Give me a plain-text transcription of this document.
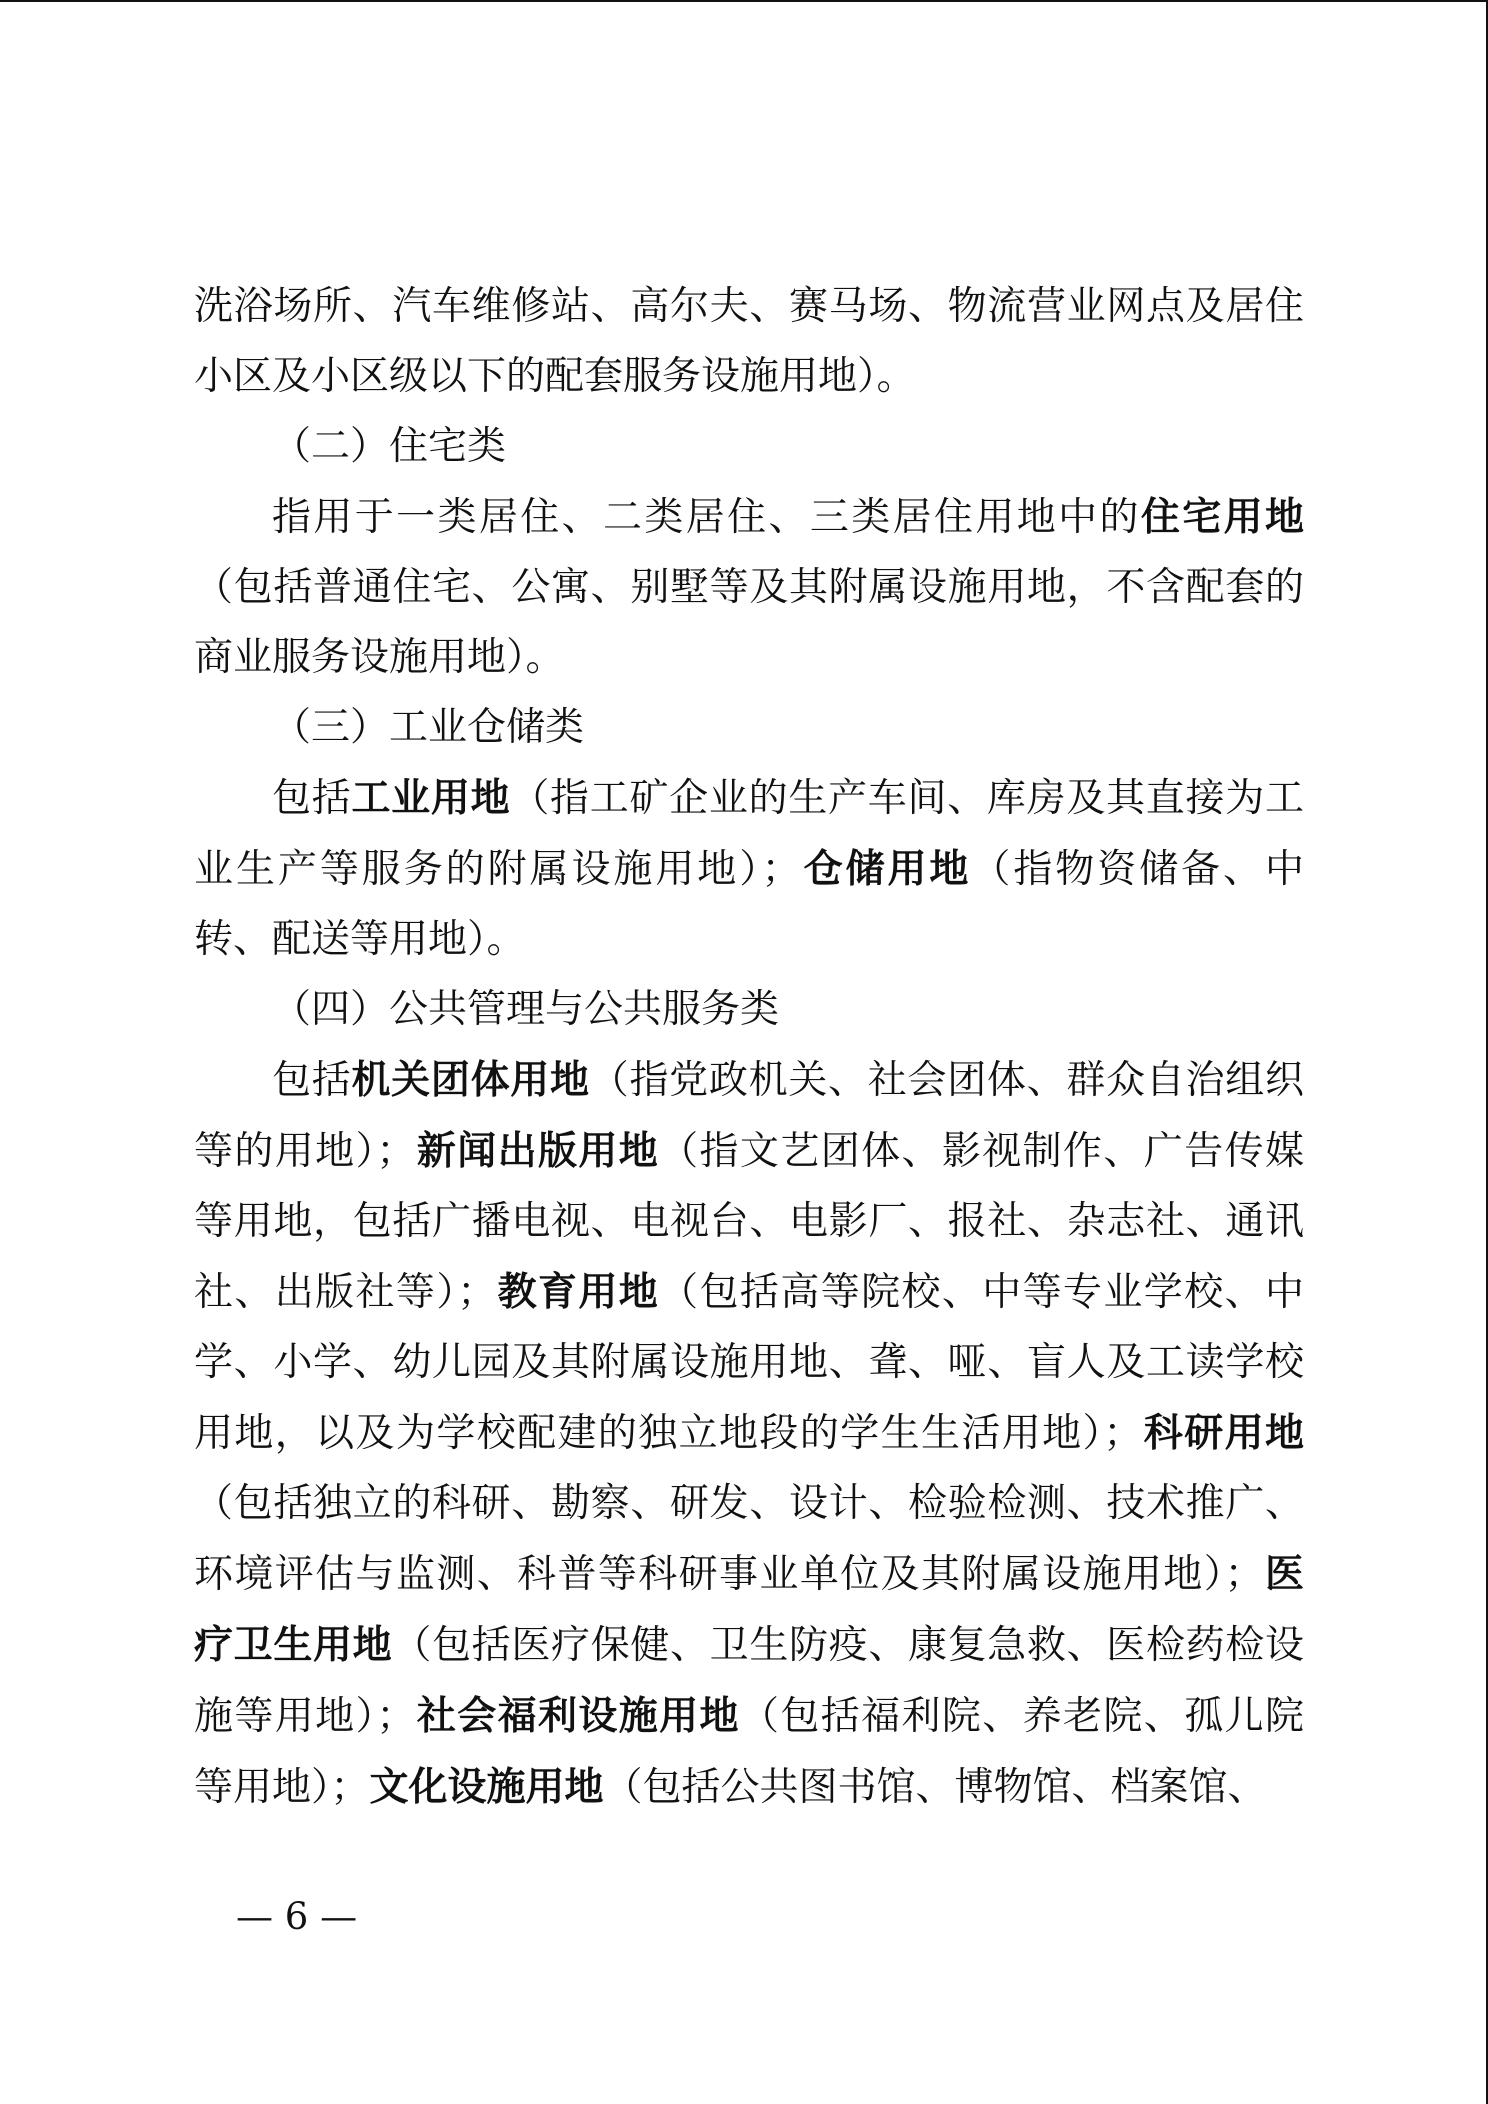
洗浴场所、汽车维修站、高尔夫、赛马场、物流营业网点及居住小区及小区级以下的配套服务设施用地）。

（二）住宅类

指用于一类居住、二类居住、三类居住用地中的住宅用地（包括普通住宅、公寓、别墅等及其附属设施用地，不含配套的商业服务设施用地）。

（三）工业仓储类

包括工业用地（指工矿企业的生产车间、库房及其直接为工业生产等服务的附属设施用地）；仓储用地（指物资储备、中转、配送等用地）。

（四）公共管理与公共服务类

包括机关团体用地（指党政机关、社会团体、群众自治组织等的用地）；新闻出版用地（指文艺团体、影视制作、广告传媒等用地，包括广播电视、电视台、电影厂、报社、杂志社、通讯社、出版社等）；教育用地（包括高等院校、中等专业学校、中学、小学、幼儿园及其附属设施用地、聋、哑、盲人及工读学校用地，以及为学校配建的独立地段的学生生活用地）；科研用地（包括独立的科研、勘察、研发、设计、检验检测、技术推广、环境评估与监测、科普等科研事业单位及其附属设施用地）；医疗卫生用地（包括医疗保健、卫生防疫、康复急救、医检药检设施等用地）；社会福利设施用地（包括福利院、养老院、孤儿院等用地）；文化设施用地（包括公共图书馆、博物馆、档案馆、

— 6 —
